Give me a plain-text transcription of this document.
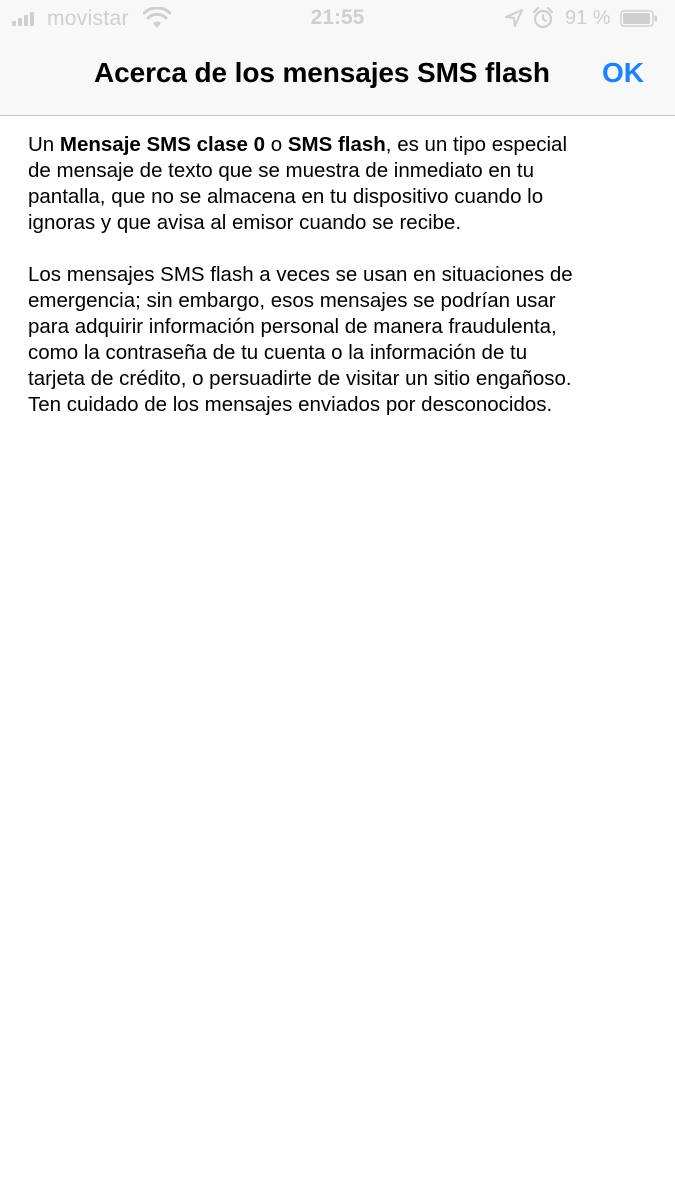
movistar	21:55	91 %
Acerca de los mensajes SMS flash OK

Un Mensaje SMS clase 0 o SMS flash, es un tipo especial
de mensaje de texto que se muestra de inmediato en tu
pantalla, que no se almacena en tu dispositivo cuando lo
ignoras y que avisa al emisor cuando se recibe.

Los mensajes SMS flash a veces se usan en situaciones de
emergencia; sin embargo, esos mensajes se podrían usar
para adquirir información personal de manera fraudulenta,
como la contraseña de tu cuenta o la información de tu
tarjeta de crédito, o persuadirte de visitar un sitio engañoso.
Ten cuidado de los mensajes enviados por desconocidos.
